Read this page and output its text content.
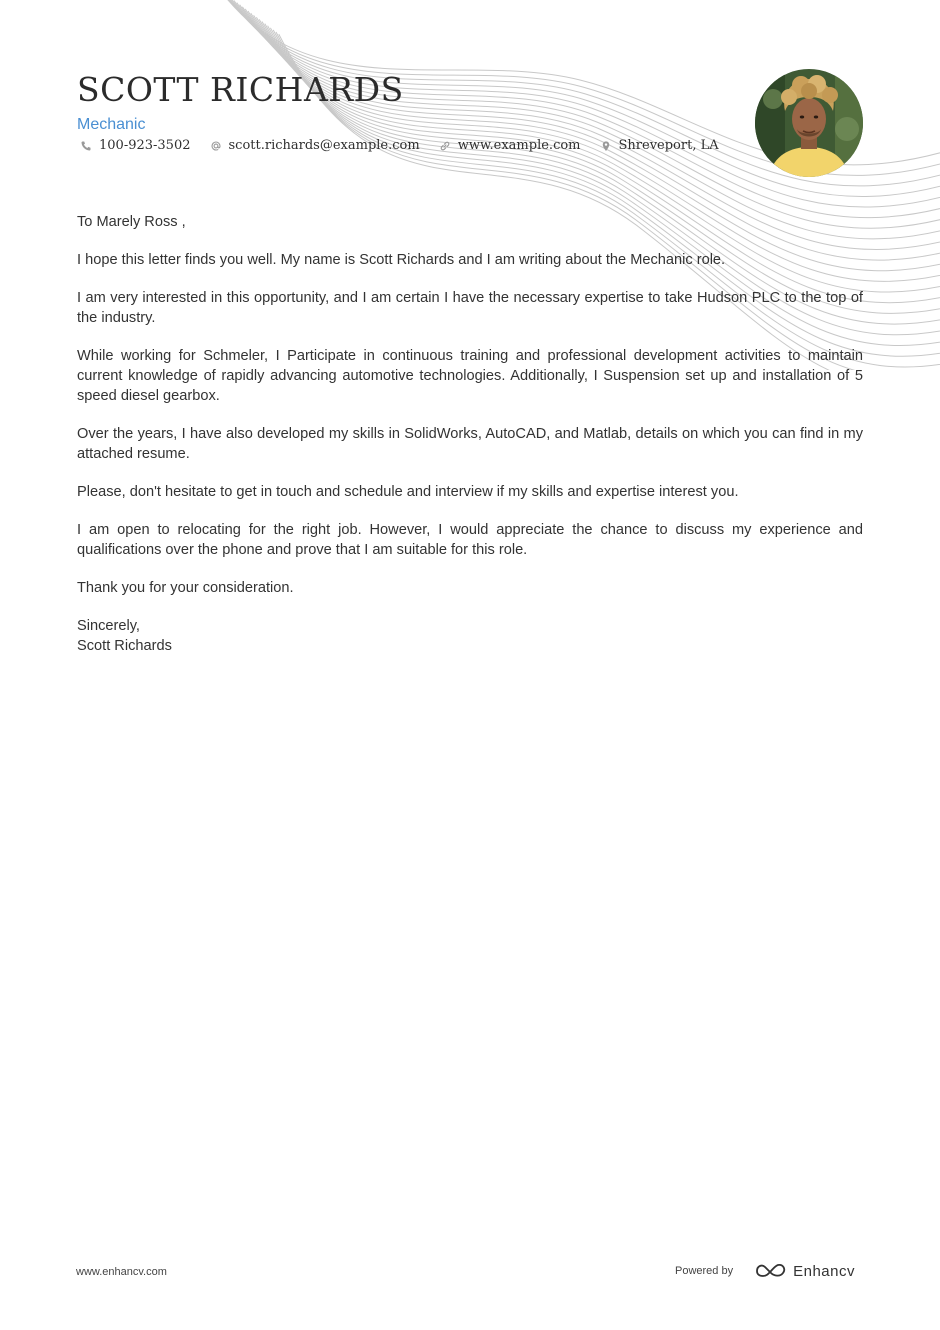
SCOTT RICHARDS
Mechanic
100-923-3502	scott.richards@example.com	www.example.com	Shreveport, LA

To Marely Ross ,

I hope this letter finds you well. My name is Scott Richards and I am writing about the Mechanic role.

I am very interested in this opportunity, and I am certain I have the necessary expertise to take Hudson PLC to the top of the industry.

While working for Schmeler, I Participate in continuous training and professional development activities to maintain current knowledge of rapidly advancing automotive technologies. Additionally, I Suspension set up and installation of 5 speed diesel gearbox.

Over the years, I have also developed my skills in SolidWorks, AutoCAD, and Matlab, details on which you can find in my attached resume.

Please, don't hesitate to get in touch and schedule and interview if my skills and expertise interest you.

I am open to relocating for the right job. However, I would appreciate the chance to discuss my experience and qualifications over the phone and prove that I am suitable for this role.

Thank you for your consideration.

Sincerely,
Scott Richards
www.enhancv.com	Powered by	Enhancv
